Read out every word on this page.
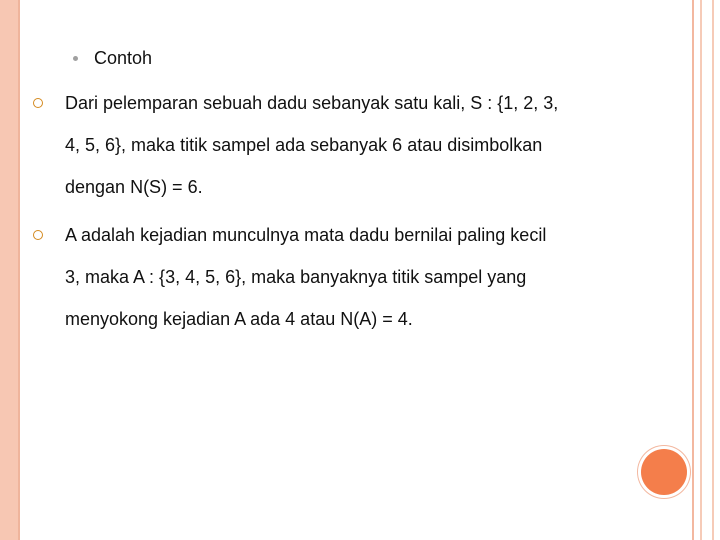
Contoh
Dari pelemparan sebuah dadu sebanyak satu kali, S : {1, 2, 3,
4, 5, 6}, maka titik sampel ada sebanyak 6 atau disimbolkan
dengan N(S) = 6.
A adalah kejadian munculnya mata dadu bernilai paling kecil
3, maka A : {3, 4, 5, 6}, maka banyaknya titik sampel yang
menyokong kejadian A ada 4 atau N(A) = 4.
